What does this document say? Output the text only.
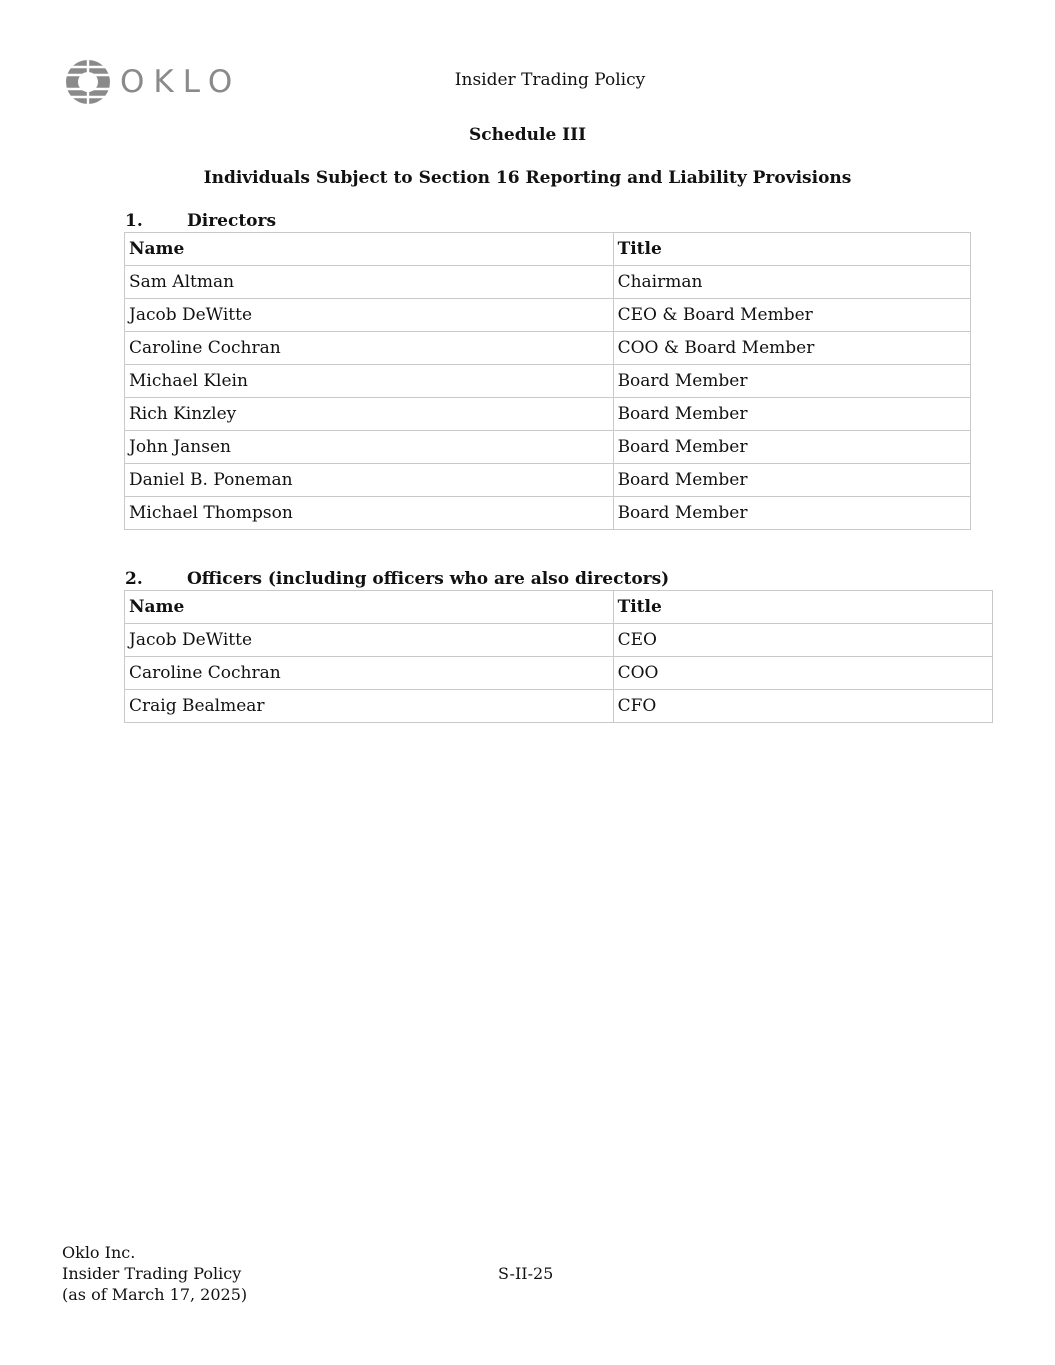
OKLO	Insider Trading Policy
Schedule III
Individuals Subject to Section 16 Reporting and Liability Provisions
1.	Directors
Name	Title
Sam Altman	Chairman
Jacob DeWitte	CEO & Board Member
Caroline Cochran	COO & Board Member
Michael Klein	Board Member
Rich Kinzley	Board Member
John Jansen	Board Member
Daniel B. Poneman	Board Member
Michael Thompson	Board Member
2.	Officers (including officers who are also directors)
Name	Title
Jacob DeWitte	CEO
Caroline Cochran	COO
Craig Bealmear	CFO
Oklo Inc.
Insider Trading Policy
(as of March 17, 2025)
S-II-25
